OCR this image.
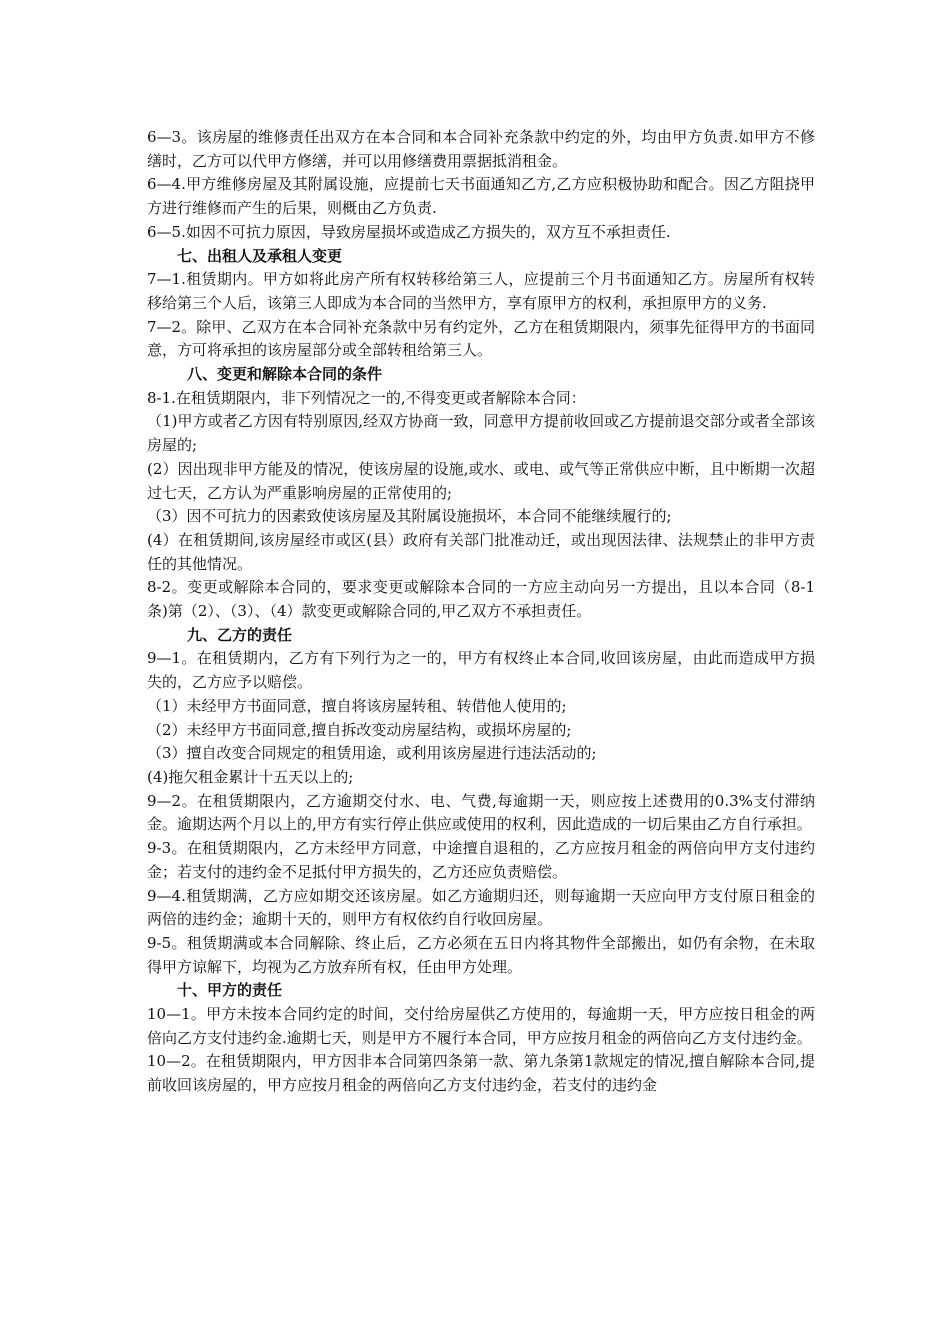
6—3。该房屋的维修责任出双方在本合同和本合同补充条款中约定的外，均由甲方负责.如甲方不修缮时，乙方可以代甲方修缮，并可以用修缮费用票据抵消租金。

6—4.甲方维修房屋及其附属设施，应提前七天书面通知乙方,乙方应积极协助和配合。因乙方阻挠甲方进行维修而产生的后果，则概由乙方负责.

6—5.如因不可抗力原因，导致房屋损坏或造成乙方损失的，双方互不承担责任.

七、出租人及承租人变更

7—1.租赁期内。甲方如将此房产所有权转移给第三人，应提前三个月书面通知乙方。房屋所有权转移给第三个人后，该第三人即成为本合同的当然甲方，享有原甲方的权利，承担原甲方的义务.

7—2。除甲、乙双方在本合同补充条款中另有约定外，乙方在租赁期限内，须事先征得甲方的书面同意，方可将承担的该房屋部分或全部转租给第三人。

八、变更和解除本合同的条件

8-1.在租赁期限内，非下列情况之一的,不得变更或者解除本合同：

（1)甲方或者乙方因有特别原因,经双方协商一致，同意甲方提前收回或乙方提前退交部分或者全部该房屋的;

(2）因出现非甲方能及的情况，使该房屋的设施,或水、或电、或气等正常供应中断，且中断期一次超过七天，乙方认为严重影响房屋的正常使用的;

（3）因不可抗力的因素致使该房屋及其附属设施损坏，本合同不能继续履行的;

(4）在租赁期间,该房屋经市或区(县）政府有关部门批准动迁，或出现因法律、法规禁止的非甲方责任的其他情况。

8-2。变更或解除本合同的，要求变更或解除本合同的一方应主动向另一方提出，且以本合同（8-1条)第（2）、（3）、（4）款变更或解除合同的,甲乙双方不承担责任。

九、乙方的责任

9—1。在租赁期内，乙方有下列行为之一的，甲方有权终止本合同,收回该房屋，由此而造成甲方损失的，乙方应予以赔偿。

（1）未经甲方书面同意，擅自将该房屋转租、转借他人使用的;

（2）未经甲方书面同意,擅自拆改变动房屋结构，或损坏房屋的;

（3）擅自改变合同规定的租赁用途，或利用该房屋进行违法活动的;

(4)拖欠租金累计十五天以上的;

9—2。在租赁期限内，乙方逾期交付水、电、气费,每逾期一天，则应按上述费用的0.3%支付滞纳金。逾期达两个月以上的,甲方有实行停止供应或使用的权利，因此造成的一切后果由乙方自行承担。

9-3。在租赁期限内，乙方未经甲方同意，中途擅自退租的，乙方应按月租金的两倍向甲方支付违约金；若支付的违约金不足抵付甲方损失的，乙方还应负责赔偿。

9—4.租赁期满，乙方应如期交还该房屋。如乙方逾期归还，则每逾期一天应向甲方支付原日租金的两倍的违约金；逾期十天的，则甲方有权依约自行收回房屋。

9-5。租赁期满或本合同解除、终止后，乙方必须在五日内将其物件全部搬出，如仍有余物，在未取得甲方谅解下，均视为乙方放弃所有权，任由甲方处理。

十、甲方的责任

10—1。甲方未按本合同约定的时间，交付给房屋供乙方使用的，每逾期一天，甲方应按日租金的两倍向乙方支付违约金.逾期七天，则是甲方不履行本合同，甲方应按月租金的两倍向乙方支付违约金。

10—2。在租赁期限内，甲方因非本合同第四条第一款、第九条第1款规定的情况,擅自解除本合同,提前收回该房屋的，甲方应按月租金的两倍向乙方支付违约金，若支付的违约金
